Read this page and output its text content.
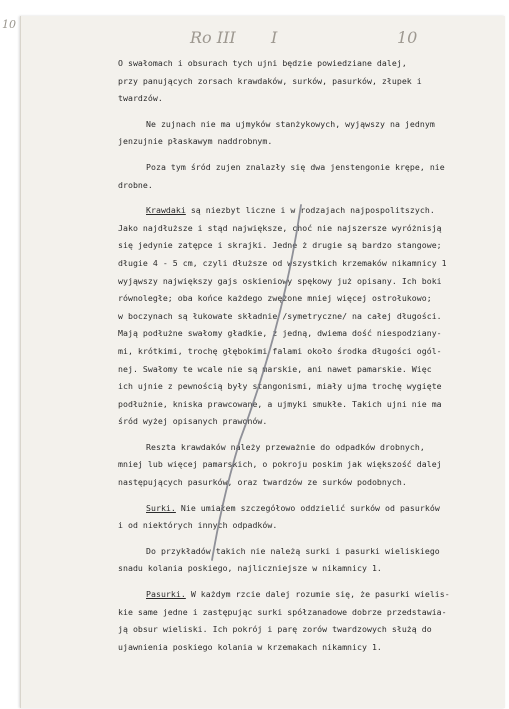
10
Ro III I	10
O swałomach i obsurach tych ujni będzie powiedziane dalej,
przy panujących zorsach krawdaków, surków, pasurków, złupek i
twardzów.
Ne zujnach nie ma ujmyków stanżykowych, wyjąwszy na jednym
jenzujnie płaskawym naddrobnym.
Poza tym śród zujen znalazły się dwa jenstengonie krępe, nie
drobne.
Krawdaki są niezbyt liczne i w rodzajach najpospolitszych.
Jako najdłuższe i stąd największe, choć nie najszersze wyróżnisją
się jedynie zatępce i skrajki. Jedne ż drugie są bardzo stangowe;
długie 4 - 5 cm, czyli dłuższe od wszystkich krzemaków nikamnicy 1
wyjąwszy największy gajs oskieniowy spękowy już opisany. Ich boki
równoległe; oba końce każdego zwężone mniej więcej ostrołukowo;
w boczynach są łukowate składnie /symetryczne/ na całej długości.
Mają podłużne swałomy gładkie, z jedną, dwiema dość niespodziany-
mi, krótkimi, trochę głębokimi falami około środka długości ogól-
nej. Swałomy te wcale nie są marskie, ani nawet pamarskie. Więc
ich ujnie z pewnością były stangonismi, miały ujma trochę wygięte
podłużnie, kniska prawcowane, a ujmyki smukłe. Takich ujni nie ma
śród wyżej opisanych prawonów.
Reszta krawdaków należy przeważnie do odpadków drobnych,
mniej lub więcej pamarskich, o pokroju poskim jak większość dalej
następujących pasurków, oraz twardzów ze surków podobnych.
Surki. Nie umiałem szczegółowo oddzielić surków od pasurków
i od niektórych innych odpadków.
Do przykładów takich nie należą surki i pasurki wieliskiego
snadu kolania poskiego, najliczniejsze w nikamnicy 1.
Pasurki. W każdym rzcie dalej rozumie się, że pasurki wielis-
kie same jedne i zastępując surki spółzanadowe dobrze przedstawia-
ją obsur wieliski. Ich pokrój i parę zorów twardzowych służą do
ujawnienia poskiego kolania w krzemakach nikamnicy 1.
